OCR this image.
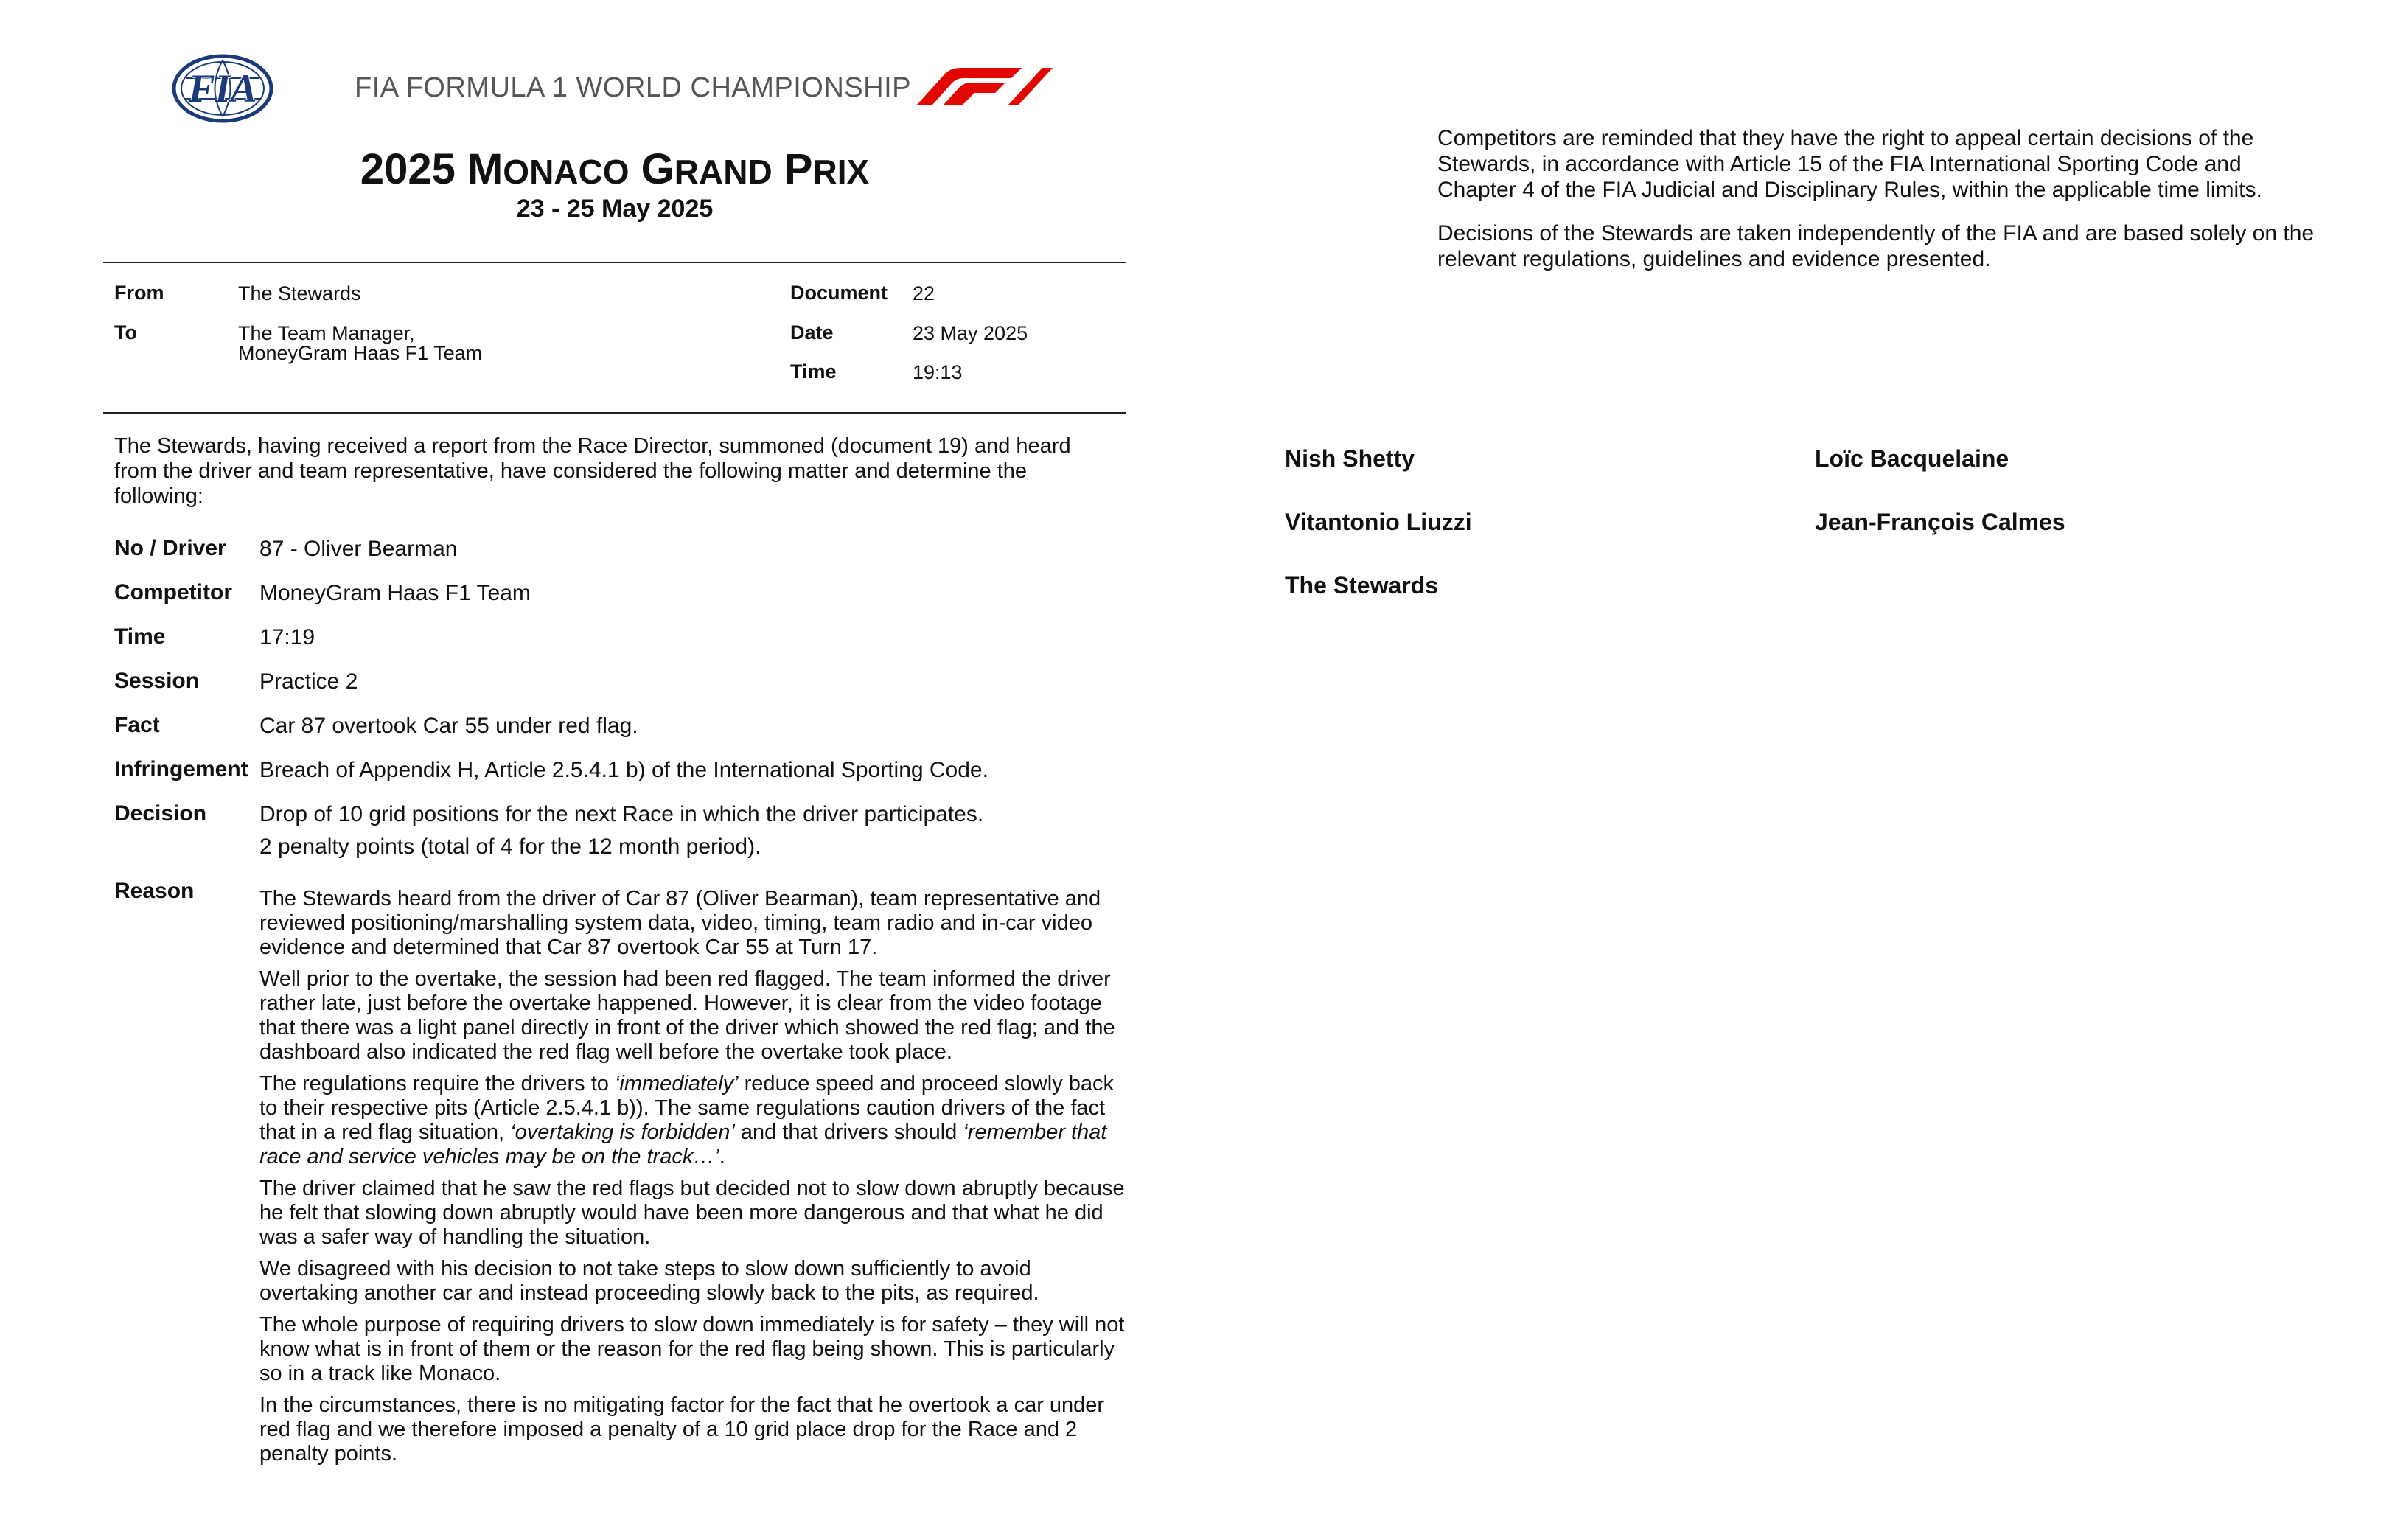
FIA	FIA FORMULA 1 WORLD CHAMPIONSHIP
F1
2025 MONACO GRAND PRIX
23 - 25 May 2025
From	The Stewards
To	The Team Manager,
MoneyGram Haas F1 Team
Document 22
Date	23 May 2025
Time	19:13
The Stewards, having received a report from the Race Director, summoned (document 19) and heard from the driver and team representative, have considered the following matter and determine the following:
No / Driver 87 - Oliver Bearman
Competitor MoneyGram Haas F1 Team
Time	17:19
Session	Practice 2
Fact	Car 87 overtook Car 55 under red flag.
Infringement Breach of Appendix H, Article 2.5.4.1 b) of the International Sporting Code.
Decision Drop of 10 grid positions for the next Race in which the driver participates.
2 penalty points (total of 4 for the 12 month period).
Reason	The Stewards heard from the driver of Car 87 (Oliver Bearman), team representative and reviewed positioning/marshalling system data, video, timing, team radio and in-car video evidence and determined that Car 87 overtook Car 55 at Turn 17.

Well prior to the overtake, the session had been red flagged. The team informed the driver rather late, just before the overtake happened. However, it is clear from the video footage that there was a light panel directly in front of the driver which showed the red flag; and the dashboard also indicated the red flag well before the overtake took place.

The regulations require the drivers to ‘immediately’ reduce speed and proceed slowly back to their respective pits (Article 2.5.4.1 b)). The same regulations caution drivers of the fact that in a red flag situation, ‘overtaking is forbidden’ and that drivers should ‘remember that race and service vehicles may be on the track…’.

The driver claimed that he saw the red flags but decided not to slow down abruptly because he felt that slowing down abruptly would have been more dangerous and that what he did was a safer way of handling the situation.

We disagreed with his decision to not take steps to slow down sufficiently to avoid overtaking another car and instead proceeding slowly back to the pits, as required.

The whole purpose of requiring drivers to slow down immediately is for safety – they will not know what is in front of them or the reason for the red flag being shown. This is particularly so in a track like Monaco.

In the circumstances, there is no mitigating factor for the fact that he overtook a car under red flag and we therefore imposed a penalty of a 10 grid place drop for the Race and 2 penalty points.

Competitors are reminded that they have the right to appeal certain decisions of the Stewards, in accordance with Article 15 of the FIA International Sporting Code and Chapter 4 of the FIA Judicial and Disciplinary Rules, within the applicable time limits.

Decisions of the Stewards are taken independently of the FIA and are based solely on the relevant regulations, guidelines and evidence presented.

Nish Shetty	Loïc Bacquelaine
Vitantonio Liuzzi	Jean-François Calmes
The Stewards
